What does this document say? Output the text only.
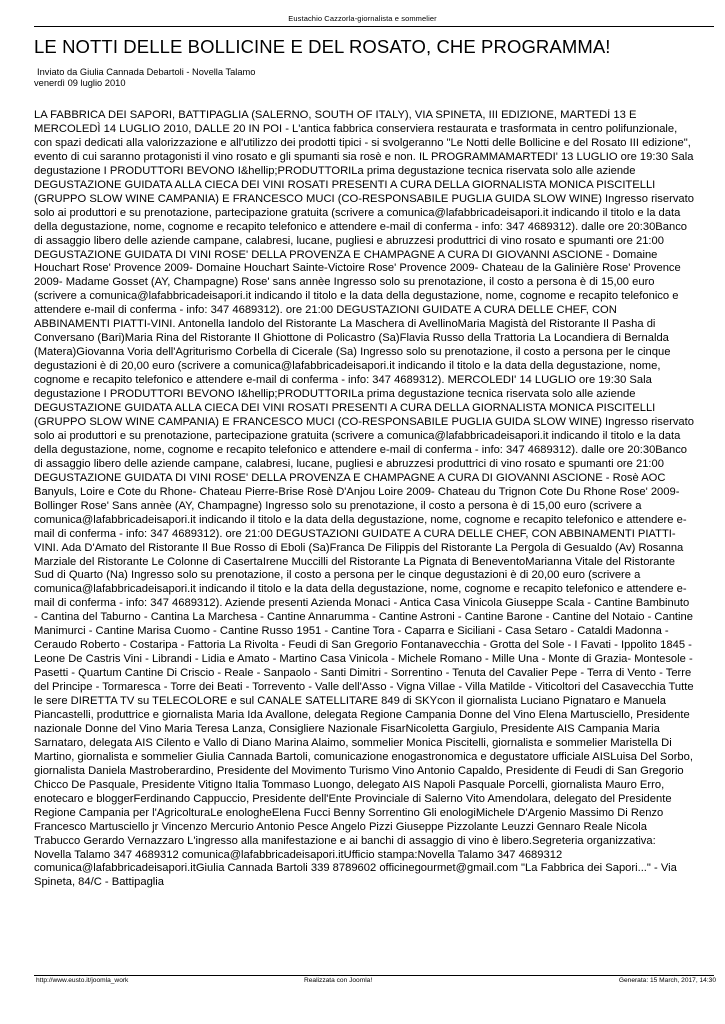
Eustachio Cazzorla-giornalista e sommelier
LE NOTTI DELLE BOLLICINE E DEL ROSATO, CHE PROGRAMMA!
Inviato da Giulia Cannada Debartoli - Novella Talamo
venerdì 09 luglio 2010

LA FABBRICA DEI SAPORI, BATTIPAGLIA (SALERNO, SOUTH OF ITALY), VIA SPINETA, III EDIZIONE, MARTEDÌ 13 E MERCOLEDÌ 14 LUGLIO 2010, DALLE 20 IN POI - L'antica fabbrica conserviera restaurata e trasformata in centro polifunzionale, con spazi dedicati alla valorizzazione e all'utilizzo dei prodotti tipici - si svolgeranno "Le Notti delle Bollicine e del Rosato III edizione", evento di cui saranno protagonisti il vino rosato e gli spumanti sia rosè e non. IL PROGRAMMAMARTEDI' 13 LUGLIO ore 19:30 Sala degustazione I PRODUTTORI BEVONO I&hellip;PRODUTTORILa prima degustazione tecnica riservata solo alle aziende DEGUSTAZIONE GUIDATA ALLA CIECA DEI VINI ROSATI PRESENTI A CURA DELLA GIORNALISTA MONICA PISCITELLI (GRUPPO SLOW WINE CAMPANIA) E FRANCESCO MUCI (CO-RESPONSABILE PUGLIA GUIDA SLOW WINE) Ingresso riservato solo ai produttori e su prenotazione, partecipazione gratuita (scrivere a comunica@lafabbricadeisapori.it indicando il titolo e la data della degustazione, nome, cognome e recapito telefonico e attendere e-mail di conferma - info: 347 4689312). dalle ore 20:30Banco di assaggio libero delle aziende campane, calabresi, lucane, pugliesi e abruzzesi produttrici di vino rosato e spumanti ore 21:00 DEGUSTAZIONE GUIDATA DI VINI ROSE' DELLA PROVENZA E CHAMPAGNE A CURA DI GIOVANNI ASCIONE - Domaine Houchart Rose' Provence 2009- Domaine Houchart Sainte-Victoire Rose' Provence 2009- Chateau de la Galinière Rose' Provence 2009- Madame Gosset (AY, Champagne) Rose' sans annèe Ingresso solo su prenotazione, il costo a persona è di 15,00 euro (scrivere a comunica@lafabbricadeisapori.it indicando il titolo e la data della degustazione, nome, cognome e recapito telefonico e attendere e-mail di conferma - info: 347 4689312). ore 21:00 DEGUSTAZIONI GUIDATE A CURA DELLE CHEF, CON ABBINAMENTI PIATTI-VINI. Antonella Iandolo del Ristorante La Maschera di AvellinoMaria Magistà del Ristorante Il Pasha di Conversano (Bari)Maria Rina del Ristorante Il Ghiottone di Policastro (Sa)Flavia Russo della Trattoria La Locandiera di Bernalda (Matera)Giovanna Voria dell'Agriturismo Corbella di Cicerale (Sa) Ingresso solo su prenotazione, il costo a persona per le cinque degustazioni è di 20,00 euro (scrivere a comunica@lafabbricadeisapori.it indicando il titolo e la data della degustazione, nome, cognome e recapito telefonico e attendere e-mail di conferma - info: 347 4689312). MERCOLEDI' 14 LUGLIO ore 19:30 Sala degustazione I PRODUTTORI BEVONO I&hellip;PRODUTTORILa prima degustazione tecnica riservata solo alle aziende DEGUSTAZIONE GUIDATA ALLA CIECA DEI VINI ROSATI PRESENTI A CURA DELLA GIORNALISTA MONICA PISCITELLI (GRUPPO SLOW WINE CAMPANIA) E FRANCESCO MUCI (CO-RESPONSABILE PUGLIA GUIDA SLOW WINE) Ingresso riservato solo ai produttori e su prenotazione, partecipazione gratuita (scrivere a comunica@lafabbricadeisapori.it indicando il titolo e la data della degustazione, nome, cognome e recapito telefonico e attendere e-mail di conferma - info: 347 4689312). dalle ore 20:30Banco di assaggio libero delle aziende campane, calabresi, lucane, pugliesi e abruzzesi produttrici di vino rosato e spumanti ore 21:00 DEGUSTAZIONE GUIDATA DI VINI ROSE' DELLA PROVENZA E CHAMPAGNE A CURA DI GIOVANNI ASCIONE - Rosè AOC Banyuls, Loire e Cote du Rhone- Chateau Pierre-Brise Rosè D'Anjou Loire 2009- Chateau du Trignon Cote Du Rhone Rose' 2009- Bollinger Rose' Sans annèe (AY, Champagne) Ingresso solo su prenotazione, il costo a persona è di 15,00 euro (scrivere a comunica@lafabbricadeisapori.it indicando il titolo e la data della degustazione, nome, cognome e recapito telefonico e attendere e-mail di conferma - info: 347 4689312). ore 21:00 DEGUSTAZIONI GUIDATE A CURA DELLE CHEF, CON ABBINAMENTI PIATTI-VINI. Ada D'Amato del Ristorante Il Bue Rosso di Eboli (Sa)Franca De Filippis del Ristorante La Pergola di Gesualdo (Av) Rosanna Marziale del Ristorante Le Colonne di CasertaIrene Muccilli del Ristorante La Pignata di BeneventoMarianna Vitale del Ristorante Sud di Quarto (Na) Ingresso solo su prenotazione, il costo a persona per le cinque degustazioni è di 20,00 euro (scrivere a comunica@lafabbricadeisapori.it indicando il titolo e la data della degustazione, nome, cognome e recapito telefonico e attendere e-mail di conferma - info: 347 4689312). Aziende presenti Azienda Monaci - Antica Casa Vinicola Giuseppe Scala - Cantine Bambinuto - Cantina del Taburno - Cantina La Marchesa - Cantine Annarumma - Cantine Astroni - Cantine Barone - Cantine del Notaio - Cantine Manimurci - Cantine Marisa Cuomo - Cantine Russo 1951 - Cantine Tora - Caparra e Siciliani - Casa Setaro - Cataldi Madonna - Ceraudo Roberto - Costaripa - Fattoria La Rivolta - Feudi di San Gregorio Fontanavecchia - Grotta del Sole - I Favati - Ippolito 1845 - Leone De Castris Vini - Librandi - Lidia e Amato - Martino Casa Vinicola - Michele Romano - Mille Una - Monte di Grazia- Montesole - Pasetti - Quartum Cantine Di Criscio - Reale - Sanpaolo - Santi Dimitri - Sorrentino - Tenuta del Cavalier Pepe - Terra di Vento - Terre del Principe - Tormaresca - Torre dei Beati - Torrevento - Valle dell'Asso - Vigna Villae - Villa Matilde - Viticoltori del Casavecchia Tutte le sere DIRETTA TV su TELECOLORE e sul CANALE SATELLITARE 849 di SKYcon il giornalista Luciano Pignataro e Manuela Piancastelli, produttrice e giornalista Maria Ida Avallone, delegata Regione Campania Donne del Vino Elena Martusciello, Presidente nazionale Donne del Vino Maria Teresa Lanza, Consigliere Nazionale FisarNicoletta Gargiulo, Presidente AIS Campania Maria Sarnataro, delegata AIS Cilento e Vallo di Diano Marina Alaimo, sommelier Monica Piscitelli, giornalista e sommelier Maristella Di Martino, giornalista e sommelier Giulia Cannada Bartoli, comunicazione enogastronomica e degustatore ufficiale AISLuisa Del Sorbo, giornalista Daniela Mastroberardino, Presidente del Movimento Turismo Vino Antonio Capaldo, Presidente di Feudi di San Gregorio Chicco De Pasquale, Presidente Vitigno Italia Tommaso Luongo, delegato AIS Napoli Pasquale Porcelli, giornalista Mauro Erro, enotecaro e bloggerFerdinando Cappuccio, Presidente dell'Ente Provinciale di Salerno Vito Amendolara, delegato del Presidente Regione Campania per l'AgricolturaLe enologheElena Fucci Benny Sorrentino Gli enologiMichele D'Argenio Massimo Di Renzo Francesco Martusciello jr Vincenzo Mercurio Antonio Pesce Angelo Pizzi Giuseppe Pizzolante Leuzzi Gennaro Reale Nicola Trabucco Gerardo Vernazzaro L'ingresso alla manifestazione e ai banchi di assaggio di vino è libero.Segreteria organizzativa: Novella Talamo 347 4689312 comunica@lafabbricadeisapori.itUfficio stampa:Novella Talamo 347 4689312 comunica@lafabbricadeisapori.itGiulia Cannada Bartoli 339 8789602 officinegourmet@gmail.com "La Fabbrica dei Sapori..." - Via Spineta, 84/C - Battipaglia

http://www.eusto.it/joomla_work	Realizzata con Joomla!	Generata: 15 March, 2017, 14:30
